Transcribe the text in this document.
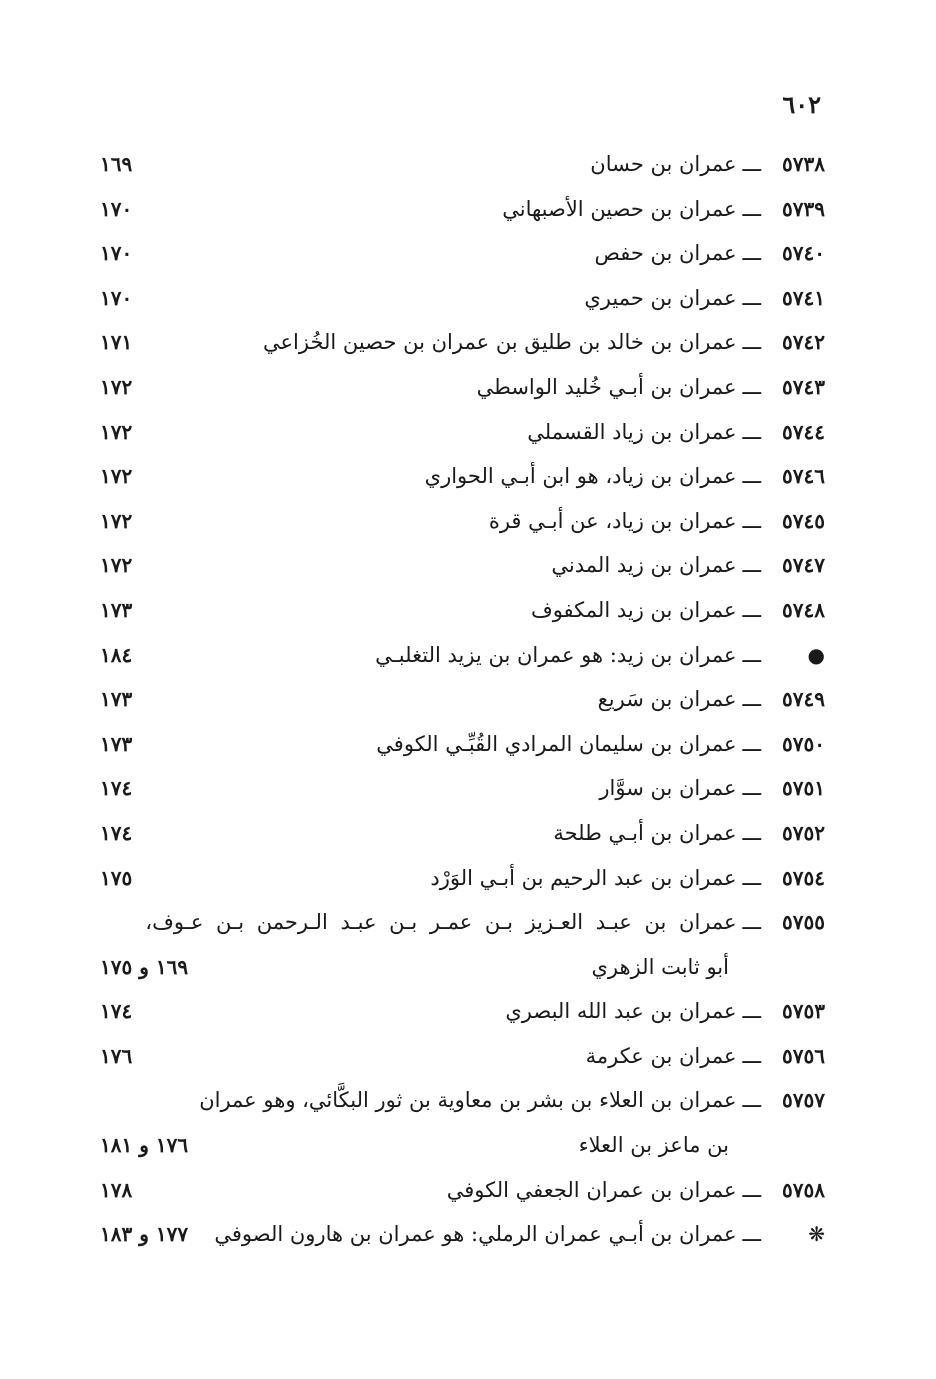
٦٠٢
٥٧٣٨ـــعمران بن حسان
١٦٩
٥٧٣٩ـــعمران بن حصين الأصبهاني
١٧٠
٥٧٤٠ـــعمران بن حفص
١٧٠
٥٧٤١ـــعمران بن حميري
١٧٠
٥٧٤٢ـــعمران بن خالد بن طليق بن عمران بن حصين الخُزاعي
١٧١
٥٧٤٣ـــعمران بن أبـي خُليد الواسطي
١٧٢
٥٧٤٤ـــعمران بن زياد القسملي
١٧٢
٥٧٤٦ـــعمران بن زياد، هو ابن أبـي الحواري
١٧٢
٥٧٤٥ـــعمران بن زياد، عن أبـي قرة
١٧٢
٥٧٤٧ـــعمران بن زيد المدني
١٧٢
٥٧٤٨ـــعمران بن زيد المكفوف
١٧٣
●ـــعمران بن زيد: هو عمران بن يزيد التغلبـي
١٨٤
٥٧٤٩ـــعمران بن سَريع
١٧٣
٥٧٥٠ـــعمران بن سليمان المرادي القُبِّـي الكوفي
١٧٣
٥٧٥١ـــعمران بن سوَّار
١٧٤
٥٧٥٢ـــعمران بن أبـي طلحة
١٧٤
٥٧٥٤ـــعمران بن عبد الرحيم بن أبـي الوَرْد
١٧٥
٥٧٥٥ـــعمران بن عبـد العـزيز بـن عمـر بـن عبـد الـرحمن بـن عـوف،
أبو ثابت الزهري
١٦٩ و ١٧٥
٥٧٥٣ـــعمران بن عبد الله البصري
١٧٤
٥٧٥٦ـــعمران بن عكرمة
١٧٦
٥٧٥٧ـــعمران بن العلاء بن بشر بن معاوية بن ثور البكَّائي، وهو عمران
بن ماعز بن العلاء
١٧٦ و ١٨١
٥٧٥٨ـــعمران بن عمران الجعفي الكوفي
١٧٨
❋ـــعمران بن أبـي عمران الرملي: هو عمران بن هارون الصوفي
١٧٧ و ١٨٣
